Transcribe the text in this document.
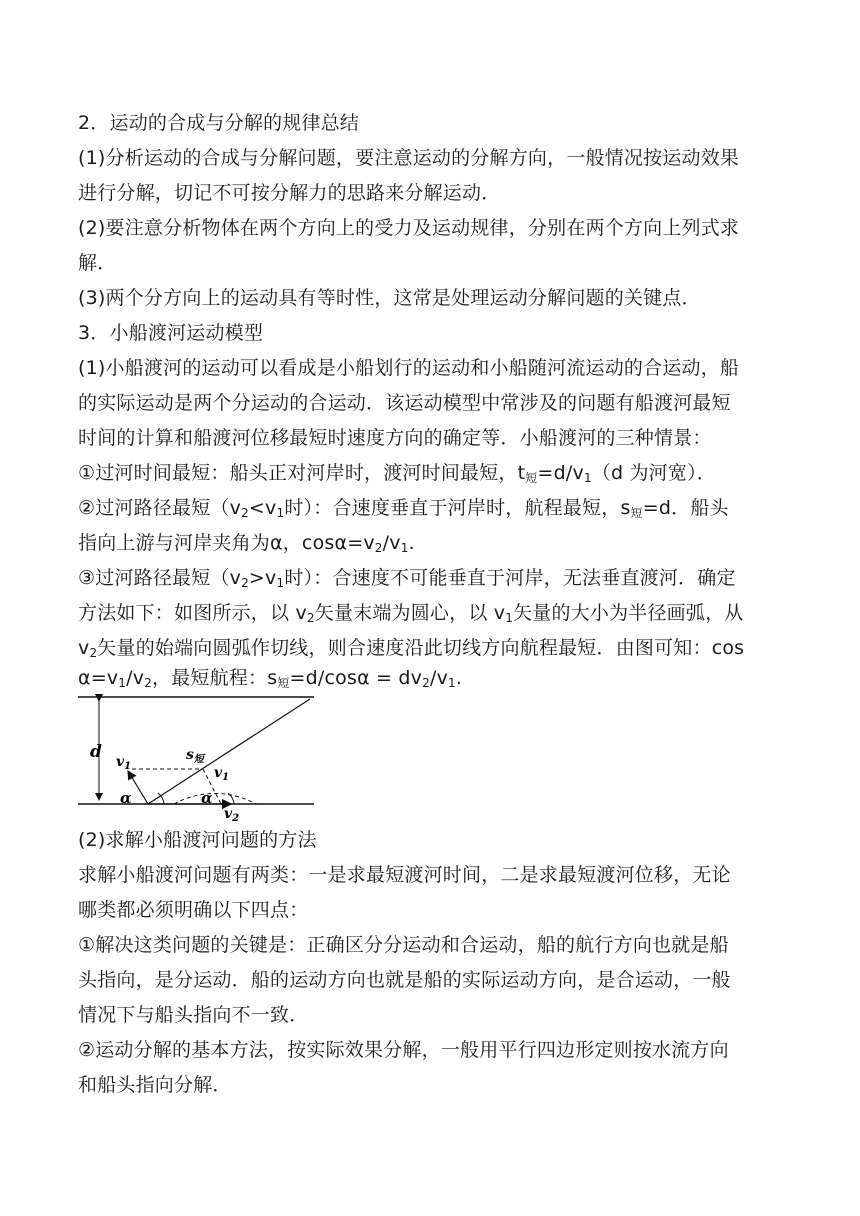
2．运动的合成与分解的规律总结
(1)分析运动的合成与分解问题，要注意运动的分解方向，一般情况按运动效果
进行分解，切记不可按分解力的思路来分解运动．
(2)要注意分析物体在两个方向上的受力及运动规律，分别在两个方向上列式求
解．
(3)两个分方向上的运动具有等时性，这常是处理运动分解问题的关键点．
3．小船渡河运动模型
(1)小船渡河的运动可以看成是小船划行的运动和小船随河流运动的合运动，船
的实际运动是两个分运动的合运动．该运动模型中常涉及的问题有船渡河最短
时间的计算和船渡河位移最短时速度方向的确定等．小船渡河的三种情景：
①过河时间最短：船头正对河岸时，渡河时间最短，$t_短=d/v_1(d$ 为河宽）．
②过河路径最短（$v_2<v_1$时）：合速度垂直于河岸时，航程最短，$s_短=d$．船头
指向上游与河岸夹角为α，$\cos\alpha=v_2/v_1$.
③过河路径最短（$v_2>v_1$时）：合速度不可能垂直于河岸，无法垂直渡河．确定
方法如下：如图所示，以 $v_2$矢量末端为圆心，以 $v_1$矢量的大小为半径画弧，从
$v_2$矢量的始端向圆弧作切线，则合速度沿此切线方向航程最短．由图可知：cos
$\alpha=v_1/v_2$，最短航程：$s_短=d$/cosα = $dv_2/v_1$.
d $v_1$
$s_短$
$v_1$
α	α
$v_2$
(2)求解小船渡河问题的方法
求解小船渡河问题有两类：一是求最短渡河时间，二是求最短渡河位移，无论
哪类都必须明确以下四点：
①解决这类问题的关键是：正确区分分运动和合运动，船的航行方向也就是船
头指向，是分运动．船的运动方向也就是船的实际运动方向，是合运动，一般
情况下与船头指向不一致．
②运动分解的基本方法，按实际效果分解，一般用平行四边形定则按水流方向
和船头指向分解．
